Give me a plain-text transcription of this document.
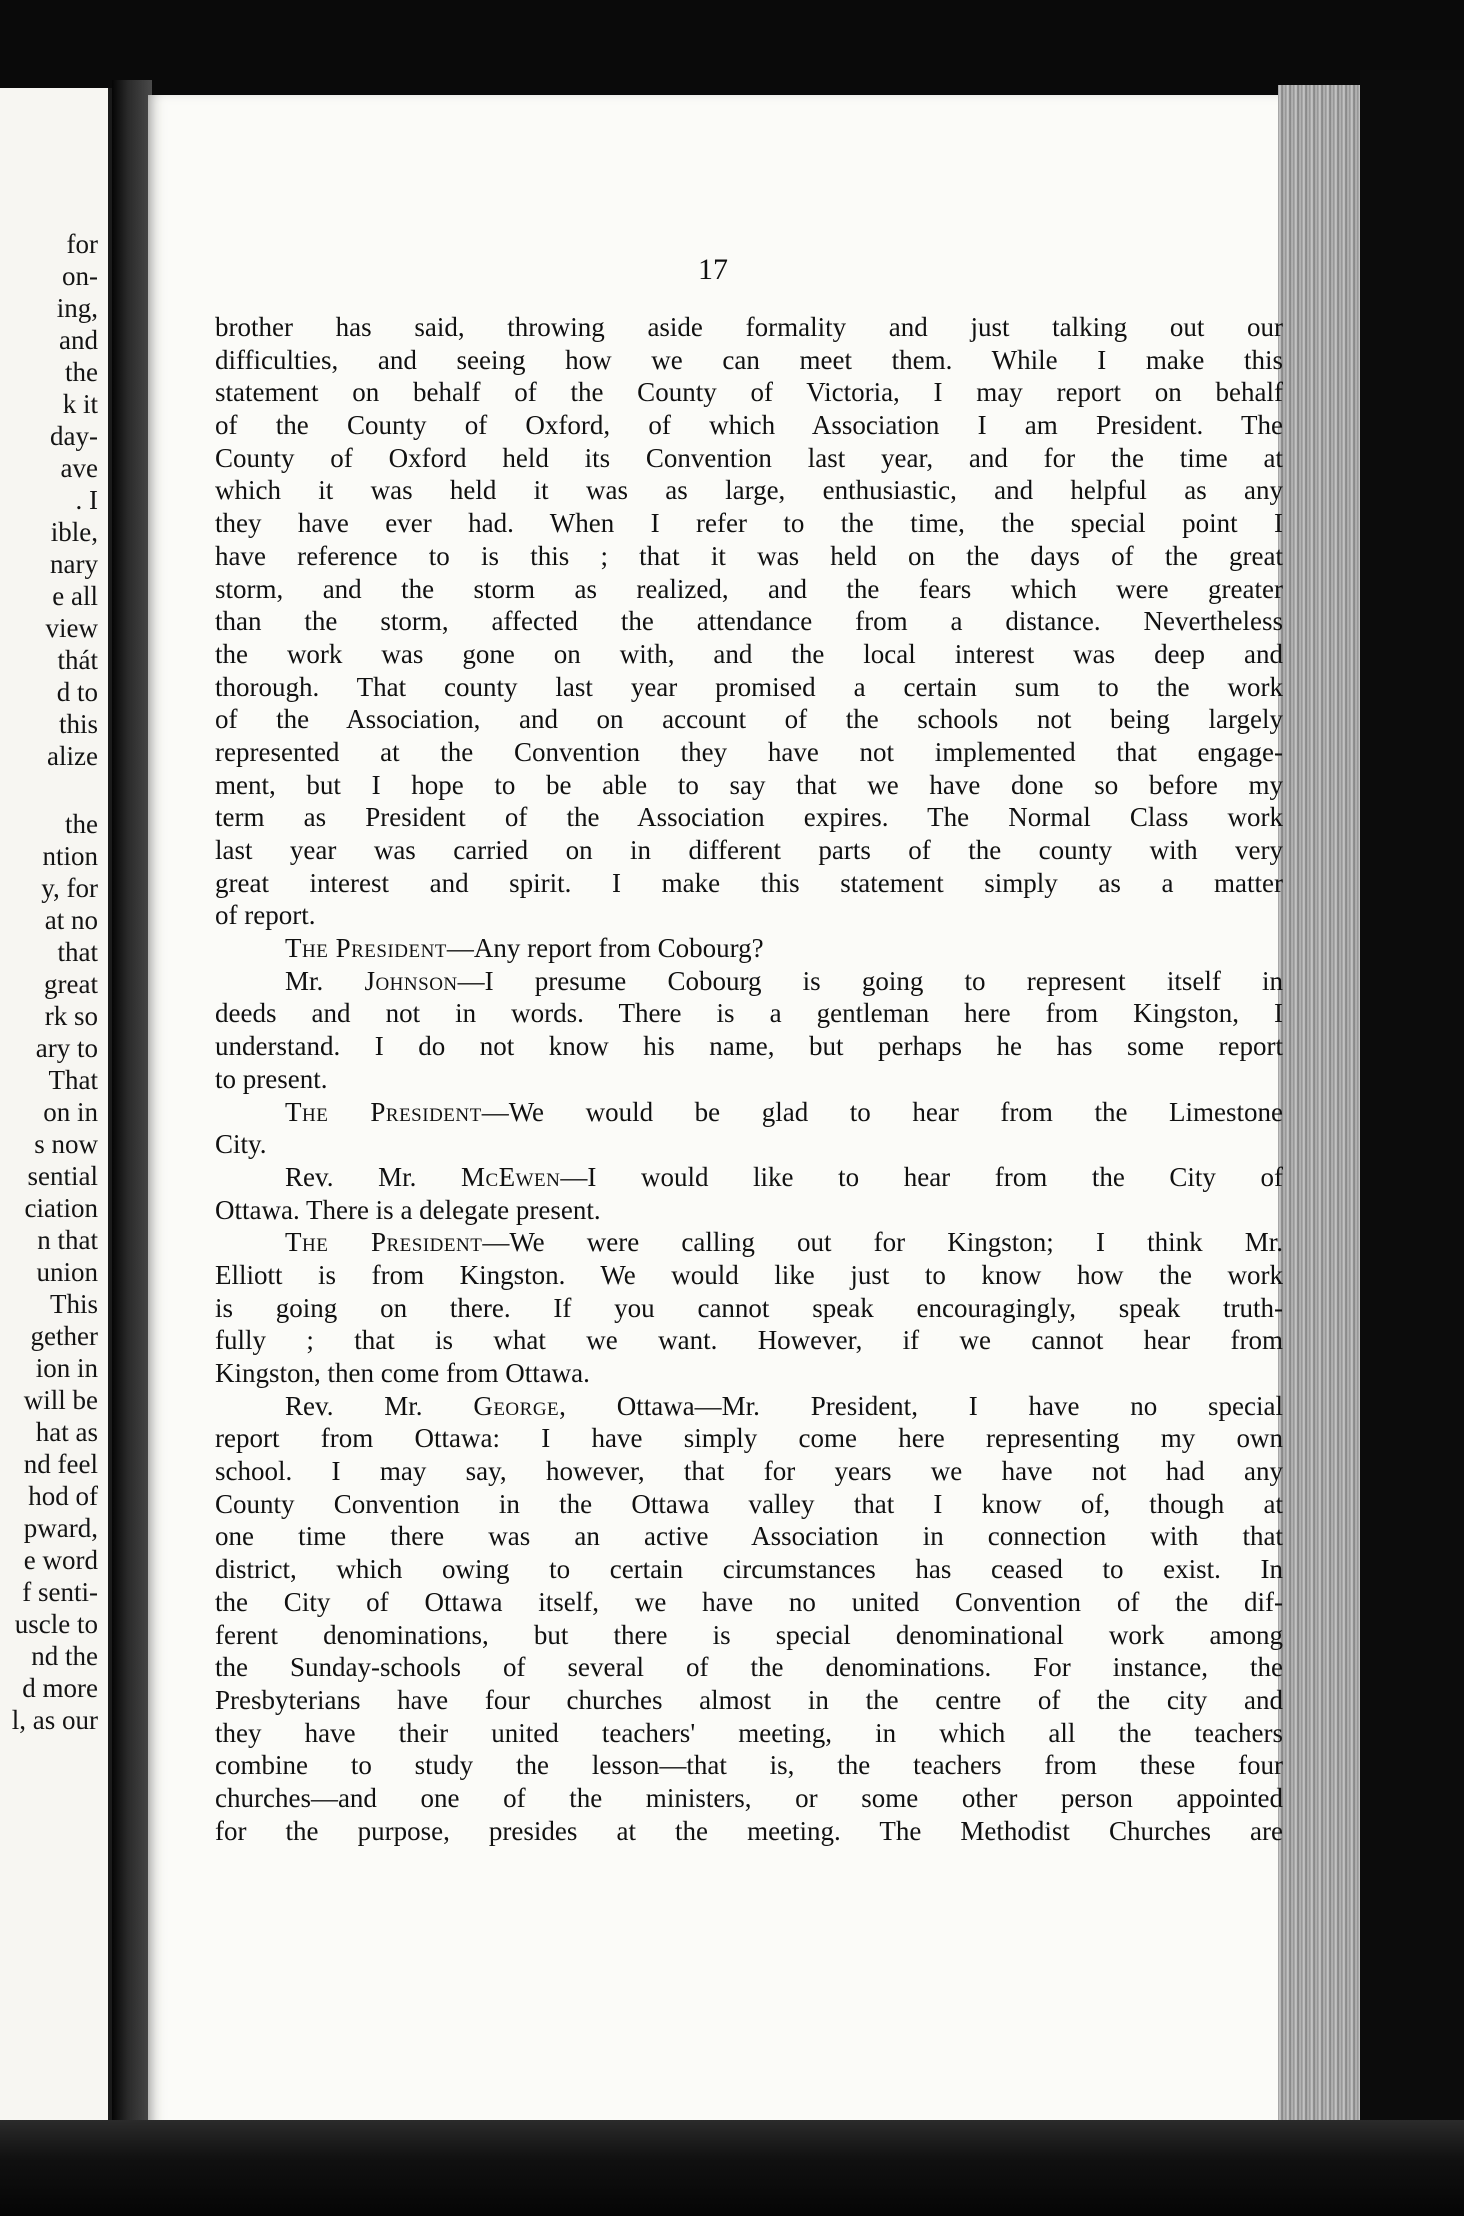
for
on-
ing,
and
the
k it
day-
ave
. I
ible,
nary
e all
view
thát
d to
this
alize
the
ntion
y, for
at no
that
great
rk so
ary to
That
on in
s now
sential
ciation
n that
union
This
gether
ion in
will be
hat as
nd feel
hod of
pward,
e word
f senti-
uscle to
nd the
d more
l, as our
17
brother has said, throwing aside formality and just talking out our
difficulties, and seeing how we can meet them. While I make this
statement on behalf of the County of Victoria, I may report on behalf
of the County of Oxford, of which Association I am President. The
County of Oxford held its Convention last year, and for the time at
which it was held it was as large, enthusiastic, and helpful as any
they have ever had. When I refer to the time, the special point I
have reference to is this ; that it was held on the days of the great
storm, and the storm as realized, and the fears which were greater
than the storm, affected the attendance from a distance. Nevertheless
the work was gone on with, and the local interest was deep and
thorough. That county last year promised a certain sum to the work
of the Association, and on account of the schools not being largely
represented at the Convention they have not implemented that engage-
ment, but I hope to be able to say that we have done so before my
term as President of the Association expires. The Normal Class work
last year was carried on in different parts of the county with very
great interest and spirit. I make this statement simply as a matter
of report.
The President—Any report from Cobourg?
Mr. Johnson—I presume Cobourg is going to represent itself in
deeds and not in words. There is a gentleman here from Kingston, I
understand. I do not know his name, but perhaps he has some report
to present.
The President—We would be glad to hear from the Limestone
City.
Rev. Mr. McEwen—I would like to hear from the City of
Ottawa. There is a delegate present.
The President—We were calling out for Kingston; I think Mr.
Elliott is from Kingston. We would like just to know how the work
is going on there. If you cannot speak encouragingly, speak truth-
fully ; that is what we want. However, if we cannot hear from
Kingston, then come from Ottawa.
Rev. Mr. George, Ottawa—Mr. President, I have no special
report from Ottawa: I have simply come here representing my own
school. I may say, however, that for years we have not had any
County Convention in the Ottawa valley that I know of, though at
one time there was an active Association in connection with that
district, which owing to certain circumstances has ceased to exist. In
the City of Ottawa itself, we have no united Convention of the dif-
ferent denominations, but there is special denominational work among
the Sunday-schools of several of the denominations. For instance, the
Presbyterians have four churches almost in the centre of the city and
they have their united teachers' meeting, in which all the teachers
combine to study the lesson—that is, the teachers from these four
churches—and one of the ministers, or some other person appointed
for the purpose, presides at the meeting. The Methodist Churches are
